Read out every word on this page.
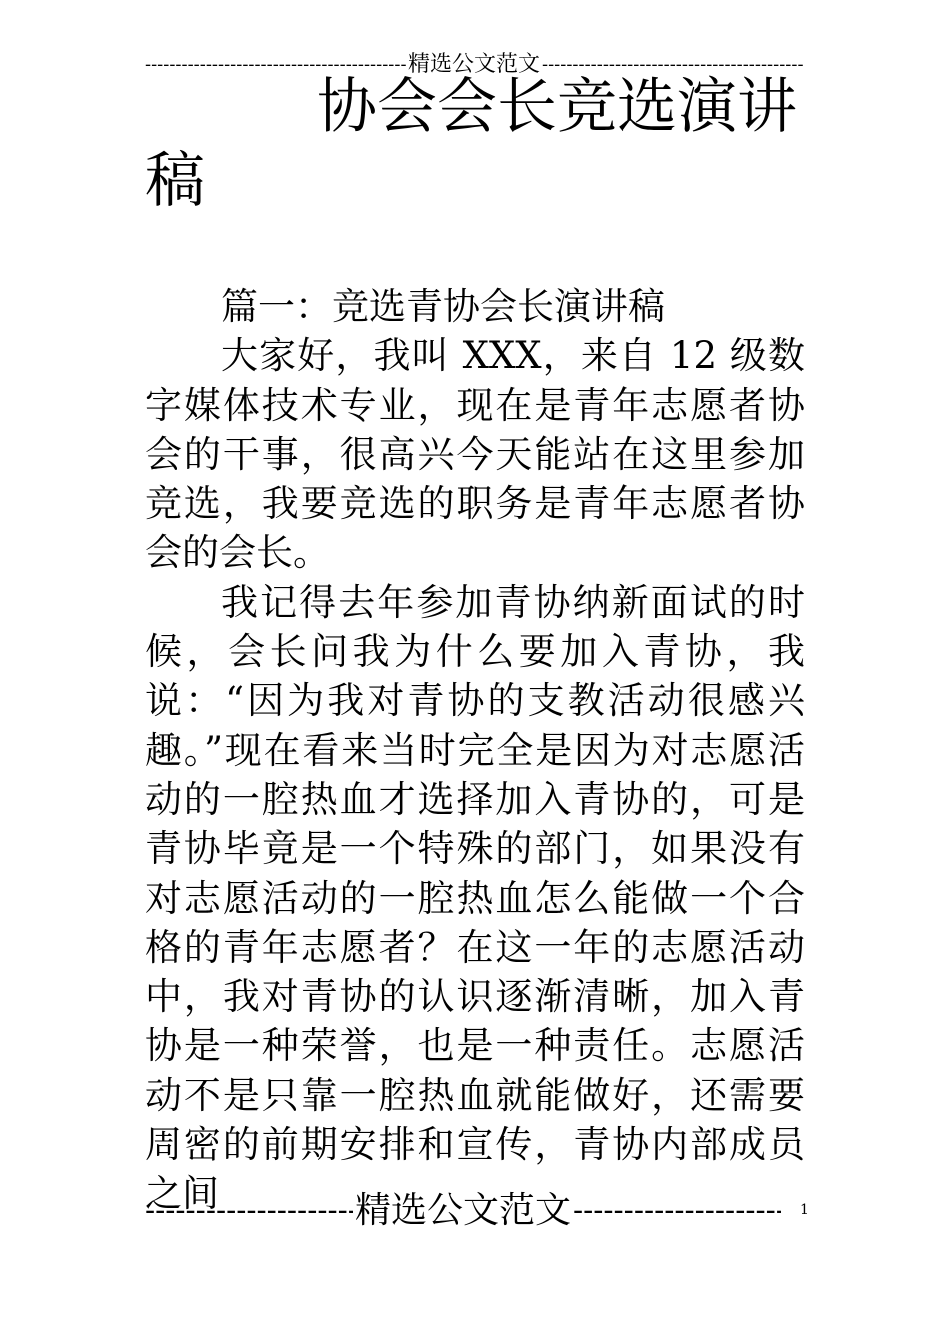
-----
精选公文范文
-----
协会会长竞选演讲
稿

篇一：竞选青协会长演讲稿

大家好，我叫 XXX，来自 12 级数字媒体技术专业，现在是青年志愿者协会的干事，很高兴今天能站在这里参加竞选，我要竞选的职务是青年志愿者协会的会长。

我记得去年参加青协纳新面试的时候，会长问我为什么要加入青协，我说：“因为我对青协的支教活动很感兴趣。”现在看来当时完全是因为对志愿活动的一腔热血才选择加入青协的，可是青协毕竟是一个特殊的部门，如果没有对志愿活动的一腔热血怎么能做一个合格的青年志愿者？在这一年的志愿活动中，我对青协的认识逐渐清晰，加入青协是一种荣誉，也是一种责任。志愿活动不是只靠一腔热血就能做好，还需要周密的前期安排和宣传，青协内部成员之间 -----	精选公文范文 -----	1
